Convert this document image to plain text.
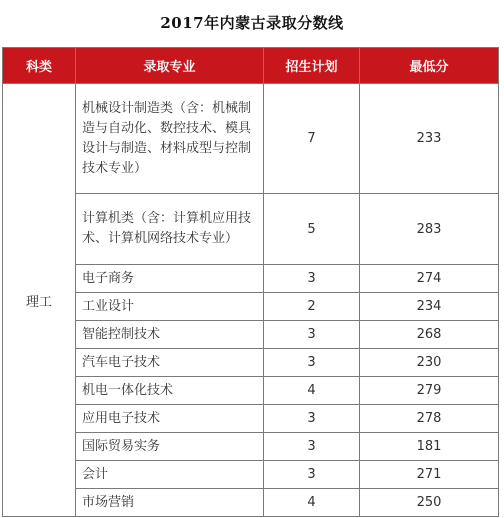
2017年内蒙古录取分数线
科类	录取专业	招生计划	最低分
理工	机械设计制造类（含：机械制造与自动化、数控技术、模具设计与制造、材料成型与控制技术专业）	7	233
	计算机类（含：计算机应用技术、计算机网络技术专业）	5	283
	电子商务	3	274
	工业设计	2	234
	智能控制技术	3	268
	汽车电子技术	3	230
	机电一体化技术	4	279
	应用电子技术	3	278
	国际贸易实务	3	181
	会计	3	271
	市场营销	4	250
